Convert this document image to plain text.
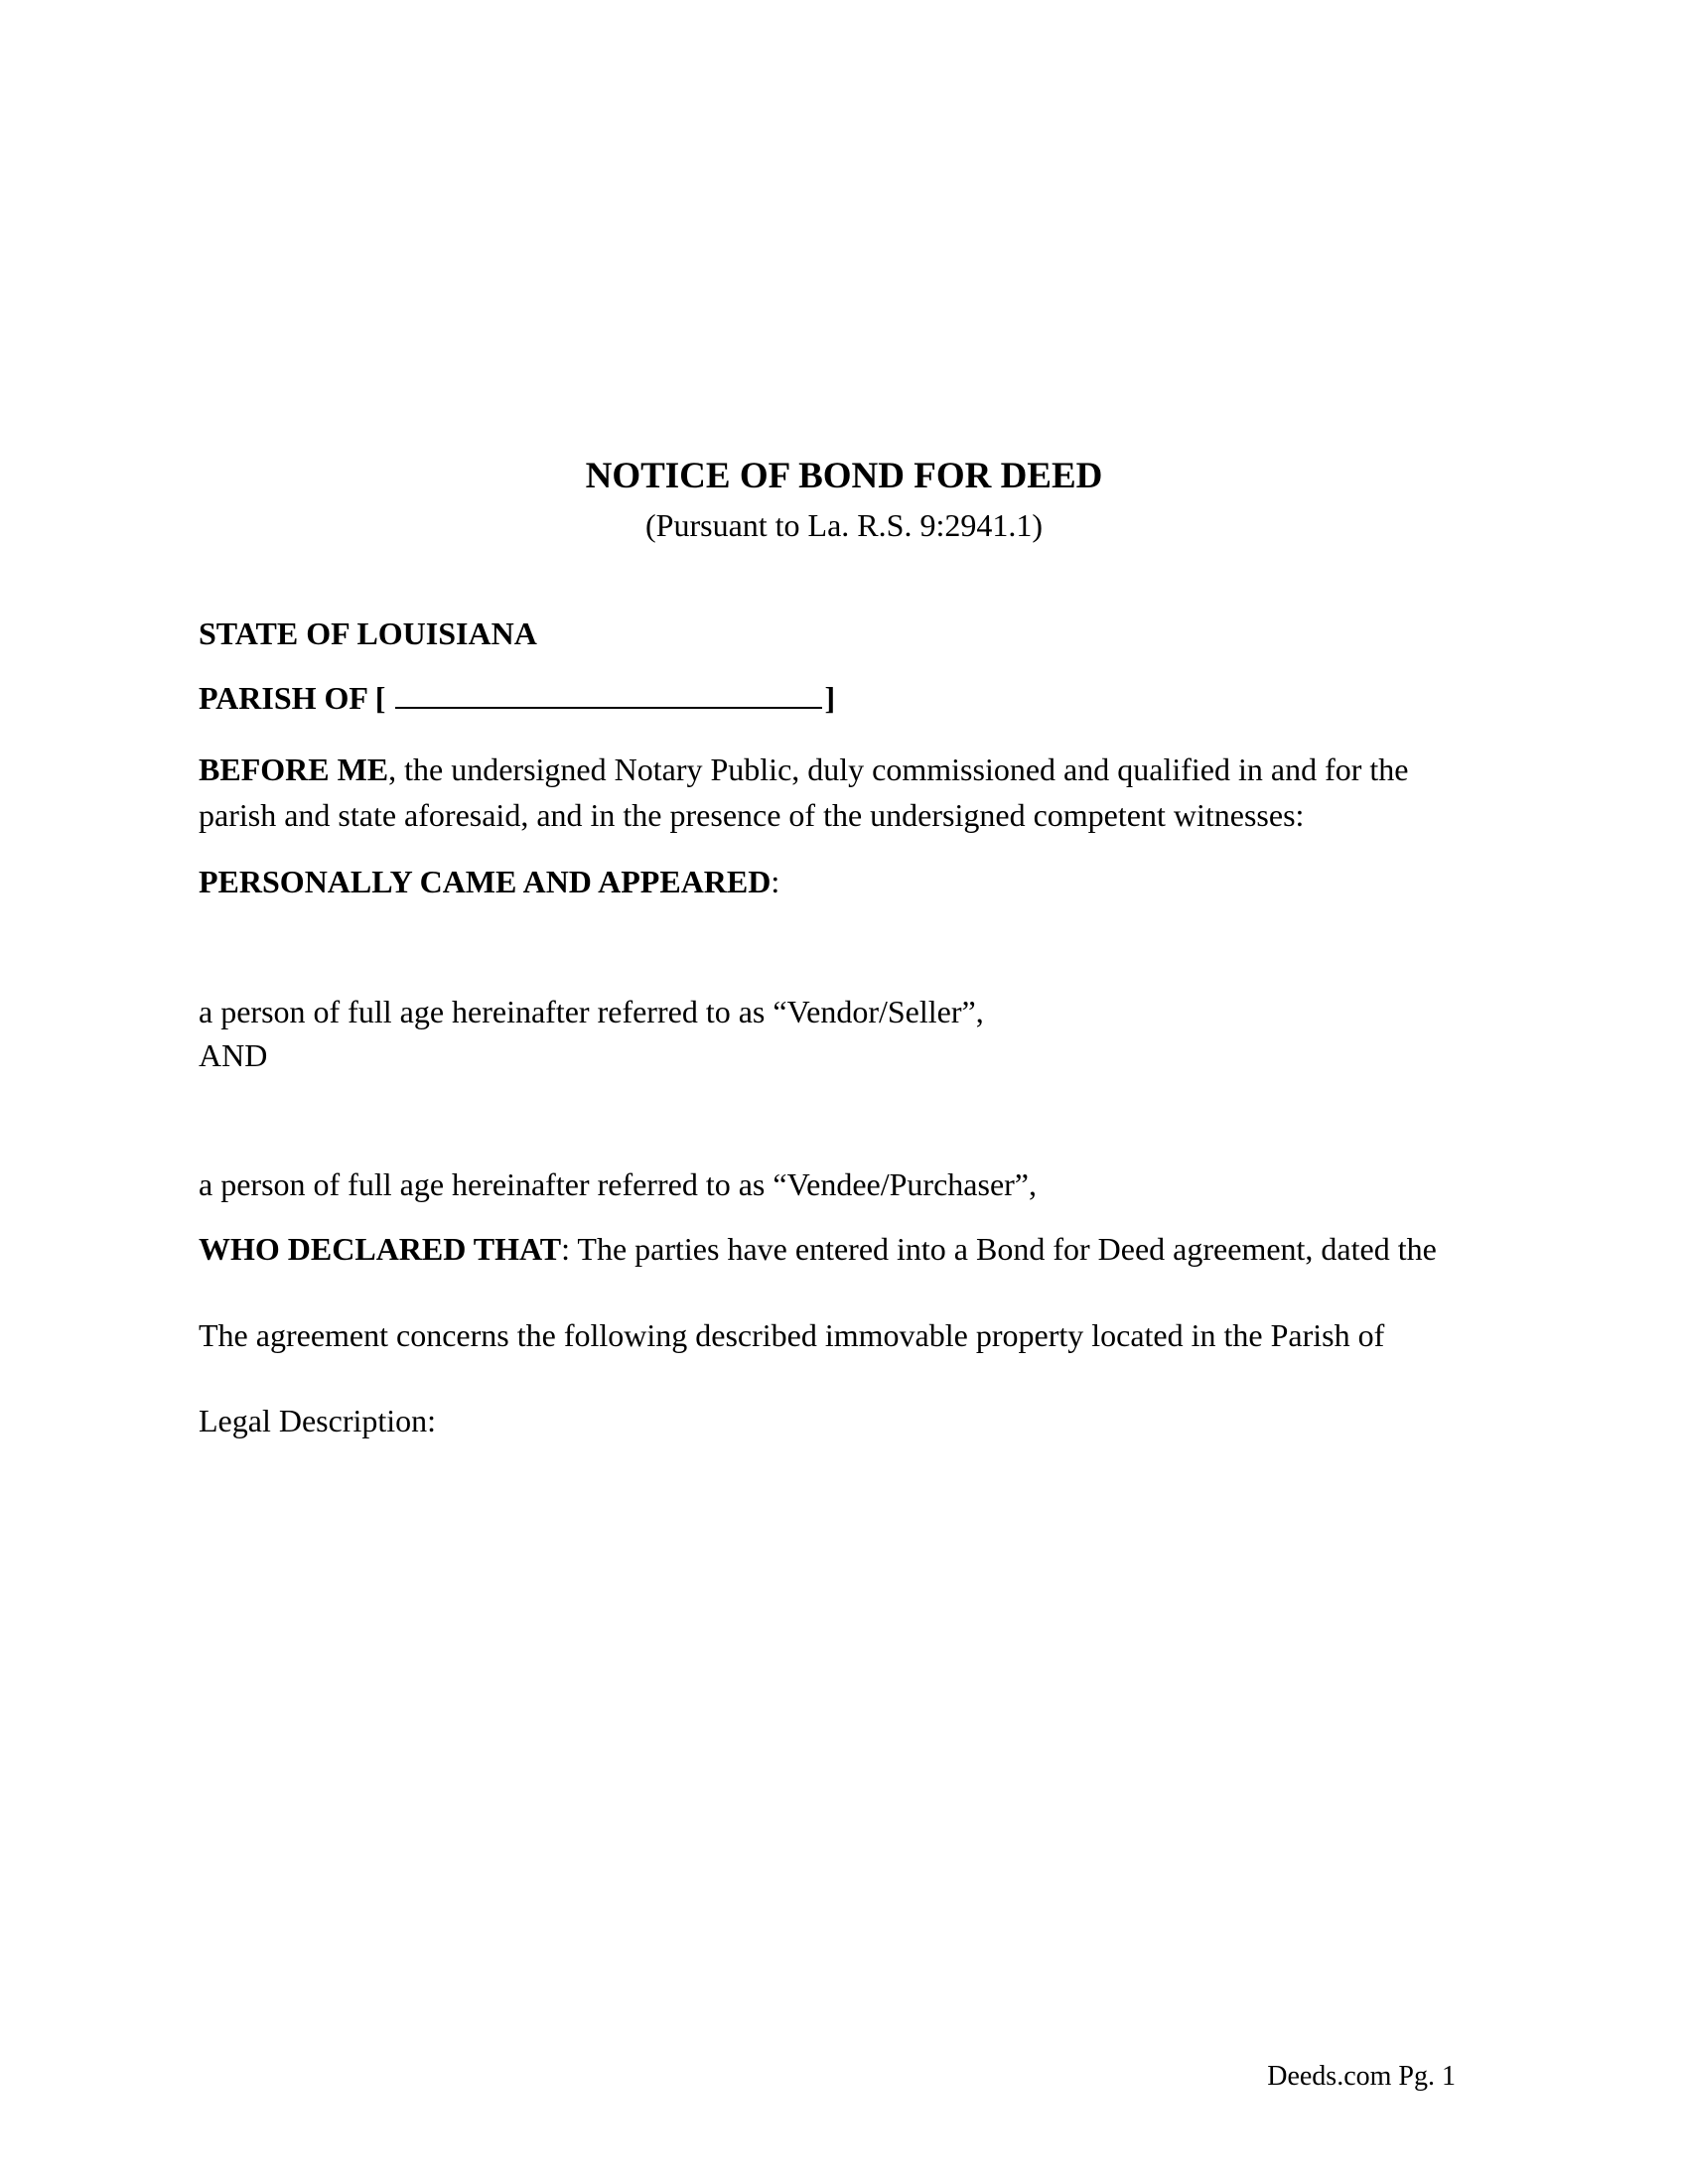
NOTICE OF BOND FOR DEED
(Pursuant to La. R.S. 9:2941.1)
STATE OF LOUISIANA
PARISH OF [	]
BEFORE ME, the undersigned Notary Public, duly commissioned and qualified in and for the parish and state aforesaid, and in the presence of the undersigned competent witnesses:
PERSONALLY CAME AND APPEARED:
a person of full age hereinafter referred to as “Vendor/Seller”,
AND
a person of full age hereinafter referred to as “Vendee/Purchaser”,
WHO DECLARED THAT: The parties have entered into a Bond for Deed agreement, dated the
The agreement concerns the following described immovable property located in the Parish of
Legal Description:
Deeds.com Pg. 1
